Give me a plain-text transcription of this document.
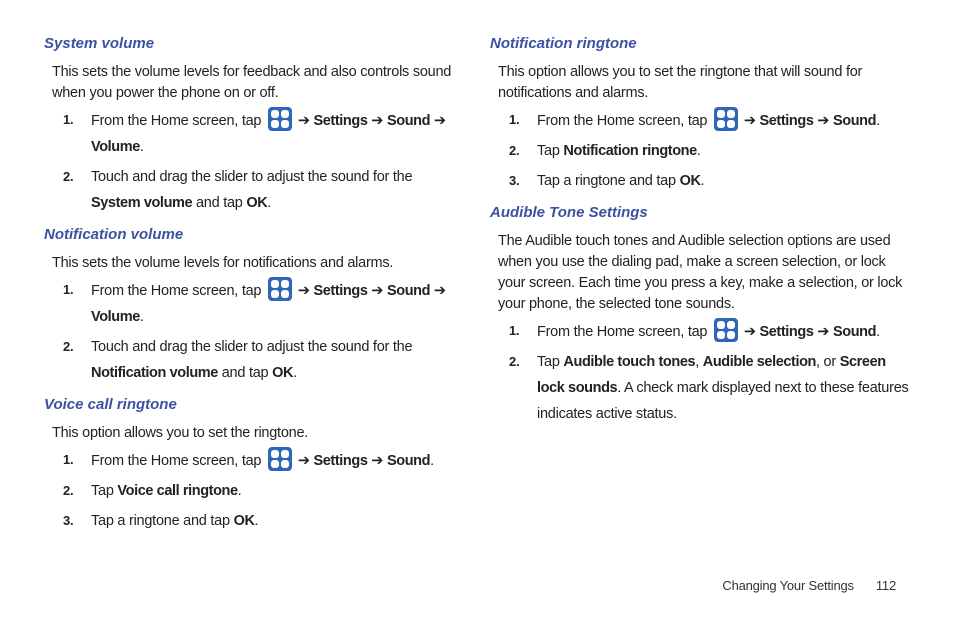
System volume

This sets the volume levels for feedback and also controls sound when you power the phone on or off.

1. From the Home screen, tap	➔ Settings ➔ Sound ➔ Volume.
2. Touch and drag the slider to adjust the sound for the System volume and tap OK.
Notification volume

This sets the volume levels for notifications and alarms.

1. From the Home screen, tap	➔ Settings ➔ Sound ➔ Volume.
2. Touch and drag the slider to adjust the sound for the Notification volume and tap OK.
Voice call ringtone

This option allows you to set the ringtone.

1. From the Home screen, tap	➔ Settings ➔ Sound.
2. Tap Voice call ringtone.
3. Tap a ringtone and tap OK.
Notification ringtone

This option allows you to set the ringtone that will sound for notifications and alarms.

1. From the Home screen, tap	➔ Settings ➔ Sound.
2. Tap Notification ringtone.
3. Tap a ringtone and tap OK.
Audible Tone Settings

The Audible touch tones and Audible selection options are used when you use the dialing pad, make a screen selection, or lock your screen. Each time you press a key, make a selection, or lock your phone, the selected tone sounds.

1. From the Home screen, tap	➔ Settings ➔ Sound.
2. Tap Audible touch tones, Audible selection, or Screen lock sounds. A check mark displayed next to these features indicates active status.
Changing Your Settings 112
